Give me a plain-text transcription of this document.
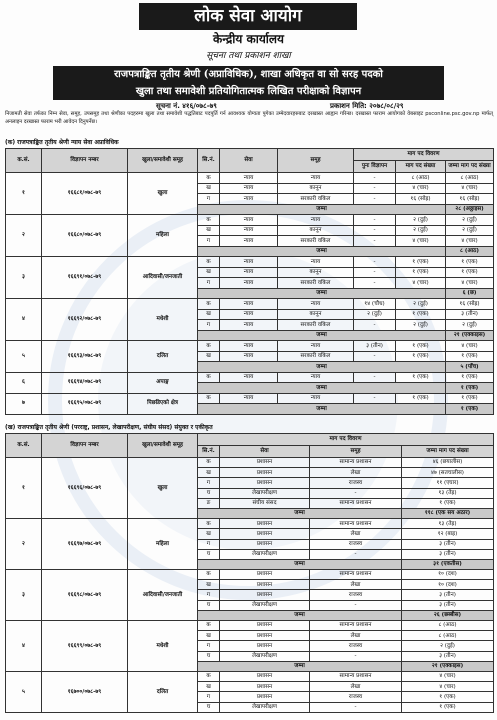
लोक सेवा आयोग
केन्द्रीय कार्यालय
सूचना तथा प्रकाशन शाखा
राजपत्राङ्कित तृतीय श्रेणी (अप्राविधिक), शाखा अधिकृत वा सो सरह पदको
खुला तथा समावेशी प्रतियोगितात्मक लिखित परीक्षाको विज्ञापन
सूचना नं. ४१६/०७८-७९	प्रकाशन मिति: २०७८/०८/२९
निजामती सेवा तर्फका निम्न सेवा, समूह, उपसमूह तथा श्रेणीका पदहरुमा खुला तथा समावेशी पद्धतिबाट पदपूर्ति गर्न आवश्यक योग्यता पुगेका उम्मेदवारहरुबाट दरखास्त आह्वान गरिन्छ। दरखास्त फाराम आयोगको वेबसाइट psconline.psc.gov.np मार्फत् अनलाइन दरखास्त फाराम भरी आवेदन दिनुपर्नेछ।
(क) राजपत्राङ्कित तृतीय श्रेणी न्याय सेवा अप्राविधिक
क.सं.	विज्ञापन नम्बर	खुला/समावेशी समूह	सि.नं.	सेवा	समूह	माग पद विवरण		
						पुनः विज्ञापन	माग पद संख्या	जम्मा माग पद संख्या
१	१६६८१/०७८-७९	खुला	क	न्याय	न्याय	-	८ (आठ)	८ (आठ)
			ख	न्याय	कानून	-	४ (चार)	४ (चार)
			ग	न्याय	सरकारी वकिल	-	१६ (सोह्र)	१६ (सोह्र)
			जम्मा					२८ (अठ्ठाइस)
२	१६६८०/०७८-७९	महिला	क	न्याय	न्याय	-	२ (दुई)	२ (दुई)
			ख	न्याय	कानून	-	२ (दुई)	२ (दुई)
			ग	न्याय	सरकारी वकिल	-	४ (चार)	४ (चार)
			जम्मा					८ (आठ)
३	१६६९१/०७८-७९	आदिवासी/जनजाती	क	न्याय	न्याय	-	१ (एक)	१ (एक)
			ख	न्याय	कानून	-	१ (एक)	१ (एक)
			ग	न्याय	सरकारी वकिल	-	४ (चार)	४ (चार)
			जम्मा					६ (छ)
४	१६६९२/०७८-७९	मधेशी	क	न्याय	न्याय	१४ (चौध)	२ (दुई)	१६ (सोह्र)
			ख	न्याय	कानून	२ (दुई)	१ (एक)	३ (तीन)
			ग	न्याय	सरकारी वकिल	-	२ (दुई)	२ (दुई)
			जम्मा					२१ (एक्काइस)
५	१६६९३/०७८-७९	दलित	क	न्याय	न्याय	३ (तीन)	१ (एक)	४ (चार)
			ख	न्याय	सरकारी वकिल	-	१ (एक)	१ (एक)
			जम्मा					५ (पाँच)
६	१६६९४/०७८-७९	अपाङ्ग	क	न्याय	न्याय	-	१ (एक)	१ (एक)
			जम्मा					१ (एक)
७	१६६९५/०७८-७९	पिछडिएको क्षेत्र	क	न्याय	न्याय	-	१ (एक)	१ (एक)
			जम्मा					१ (एक)
(ख) राजपत्राङ्कित तृतीय श्रेणी (परराष्ट्र, प्रशासन, लेखापरीक्षण, संघीय संसद) संयुक्त र एकीकृत
क.सं.	विज्ञापन नम्बर	खुला/समावेशी समूह	माग पद विवरण			
			सि.नं.	सेवा	समूह	जम्मा माग पद संख्या
१	१६६९६/०७८-७९	खुला	क	प्रशासन	सामान्य प्रशासन	४६ (छयालीस)
			ख	प्रशासन	लेखा	४७ (सतचालीस)
			ग	प्रशासन	राजस्व	११ (एघार)
			घ	लेखापरीक्षण	-	१३ (तेह्र)
			ङ	संघीय संसद	सामान्य प्रशासन	१ (एक)
			जम्मा			११८ (एक सय अठार)
२	१६६९७/०७८-७९	महिला	क	प्रशासन	सामान्य प्रशासन	१३ (तेह्र)
			ख	प्रशासन	लेखा	१२ (बाह्र)
			ग	प्रशासन	राजस्व	३ (तीन)
			घ	लेखापरीक्षण	-	३ (तीन)
			जम्मा			३१ (एकतीस)
३	१६६९८/०७८-७९	आदिवासी/जनजाती	क	प्रशासन	सामान्य प्रशासन	१० (दश)
			ख	प्रशासन	लेखा	१० (दश)
			ग	प्रशासन	राजस्व	३ (तीन)
			घ	लेखापरीक्षण	-	३ (तीन)
			जम्मा			२६ (छब्बीस)
४	१६६९९/०७८-७९	मधेशी	क	प्रशासन	सामान्य प्रशासन	८ (आठ)
			ख	प्रशासन	लेखा	८ (आठ)
			ग	प्रशासन	राजस्व	२ (दुई)
			घ	लेखापरीक्षण	-	३ (तीन)
			जम्मा			२१ (एक्काइस)
५	१६७००/०७८-७९	दलित	क	प्रशासन	सामान्य प्रशासन	४ (चार)
			ख	प्रशासन	लेखा	४ (चार)
			ग	प्रशासन	राजस्व	१ (एक)
			घ	लेखापरीक्षण	-	१ (एक)
